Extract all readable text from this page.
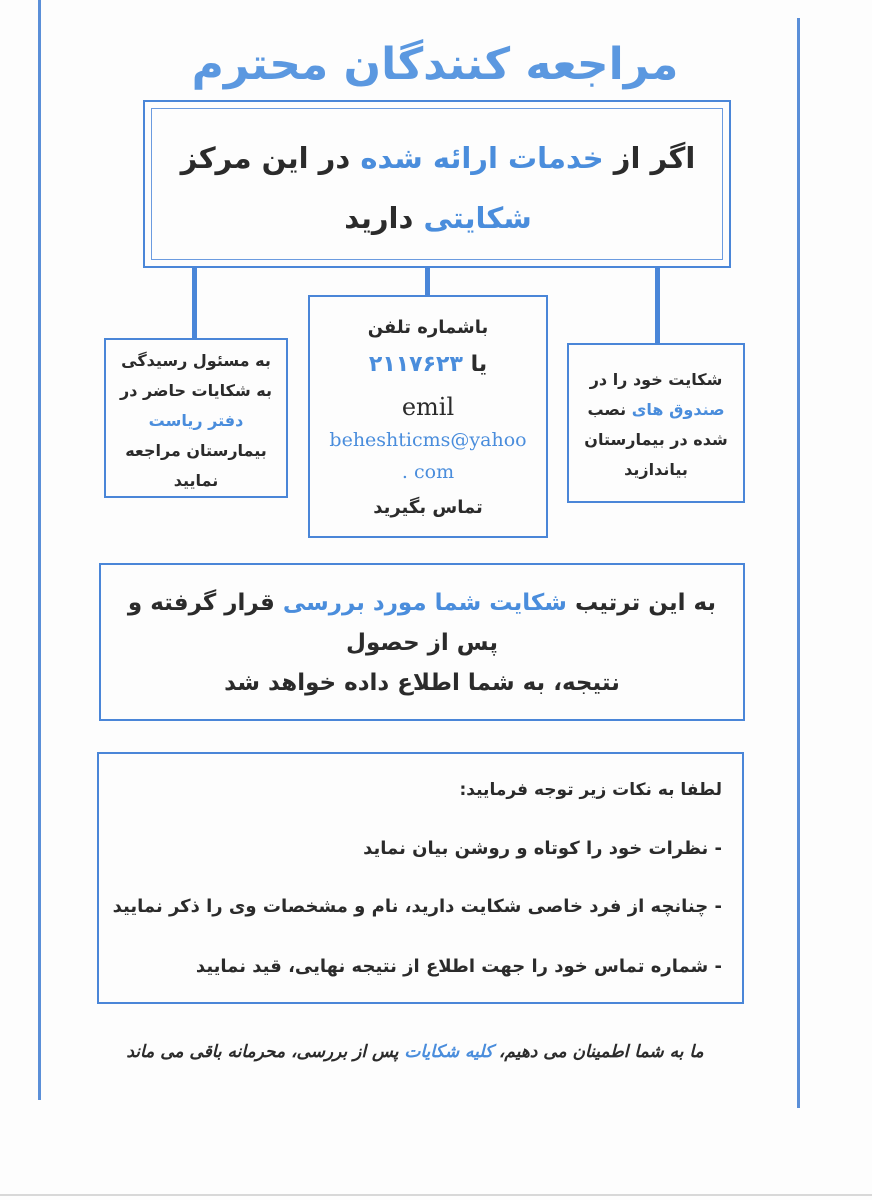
مراجعه کنندگان محترم
اگر از خدمات ارائه شده در این مرکز
شکایتی دارید
به مسئول رسیدگی
به شکایات حاضر در
دفتر ریاست
بیمارستان مراجعه
نمایید
باشماره تلفن
یا ۲۱۱۷۶۲۳
emil
beheshticms@yahoo
. com
تماس بگیرید
شکایت خود را در
صندوق های نصب
شده در بیمارستان
بیاندازید
به این ترتیب شکایت شما مورد بررسی قرار گرفته و
پس از حصول
نتیجه، به شما اطلاع داده خواهد شد
لطفا به نکات زیر توجه فرمایید:
- نظرات خود را کوتاه و روشن بیان نماید
- چنانچه از فرد خاصی شکایت دارید، نام و مشخصات وی را ذکر نمایید
- شماره تماس خود را جهت اطلاع از نتیجه نهایی، قید نمایید
ما به شما اطمینان می دهیم، کلیه شکایات پس از بررسی، محرمانه باقی می ماند
